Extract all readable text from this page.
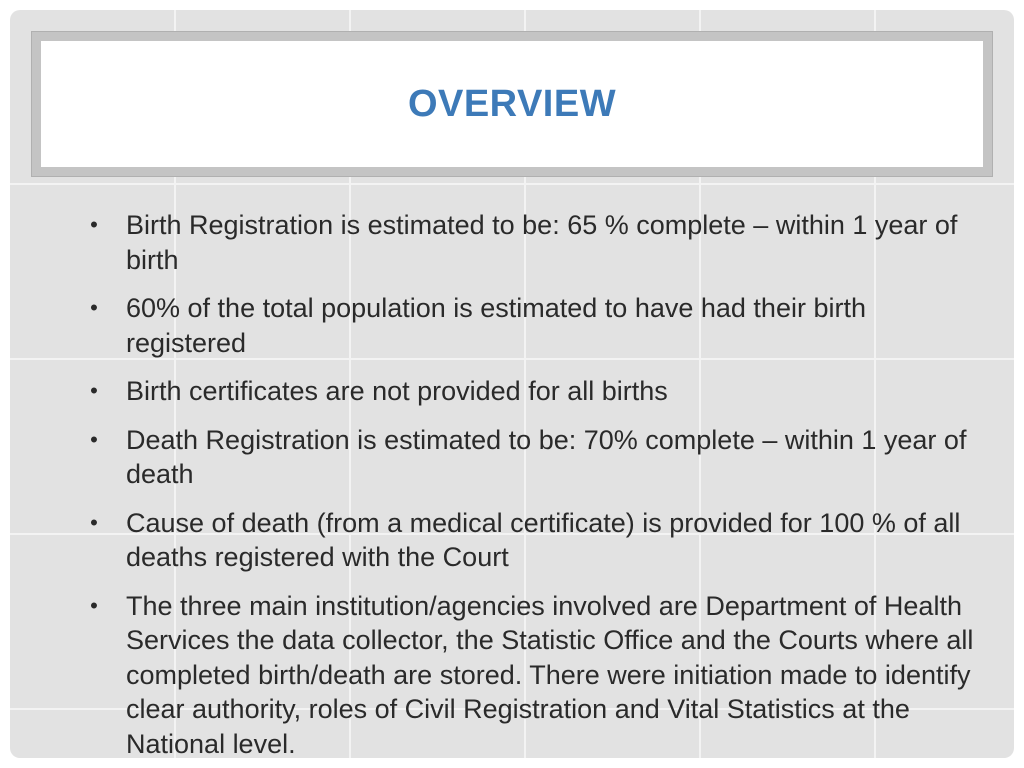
OVERVIEW
• Birth Registration is estimated to be: 65 % complete – within 1 year of birth
• 60% of the total population is estimated to have had their birth registered
• Birth certificates are not provided for all births
• Death Registration is estimated to be: 70% complete – within 1 year of death
• Cause of death (from a medical certificate) is provided for 100 % of all deaths registered with the Court
• The three main institution/agencies involved are Department of Health Services the data collector, the Statistic Office and the Courts where all completed birth/death are stored. There were initiation made to identify clear authority, roles of Civil Registration and Vital Statistics at the National level.
